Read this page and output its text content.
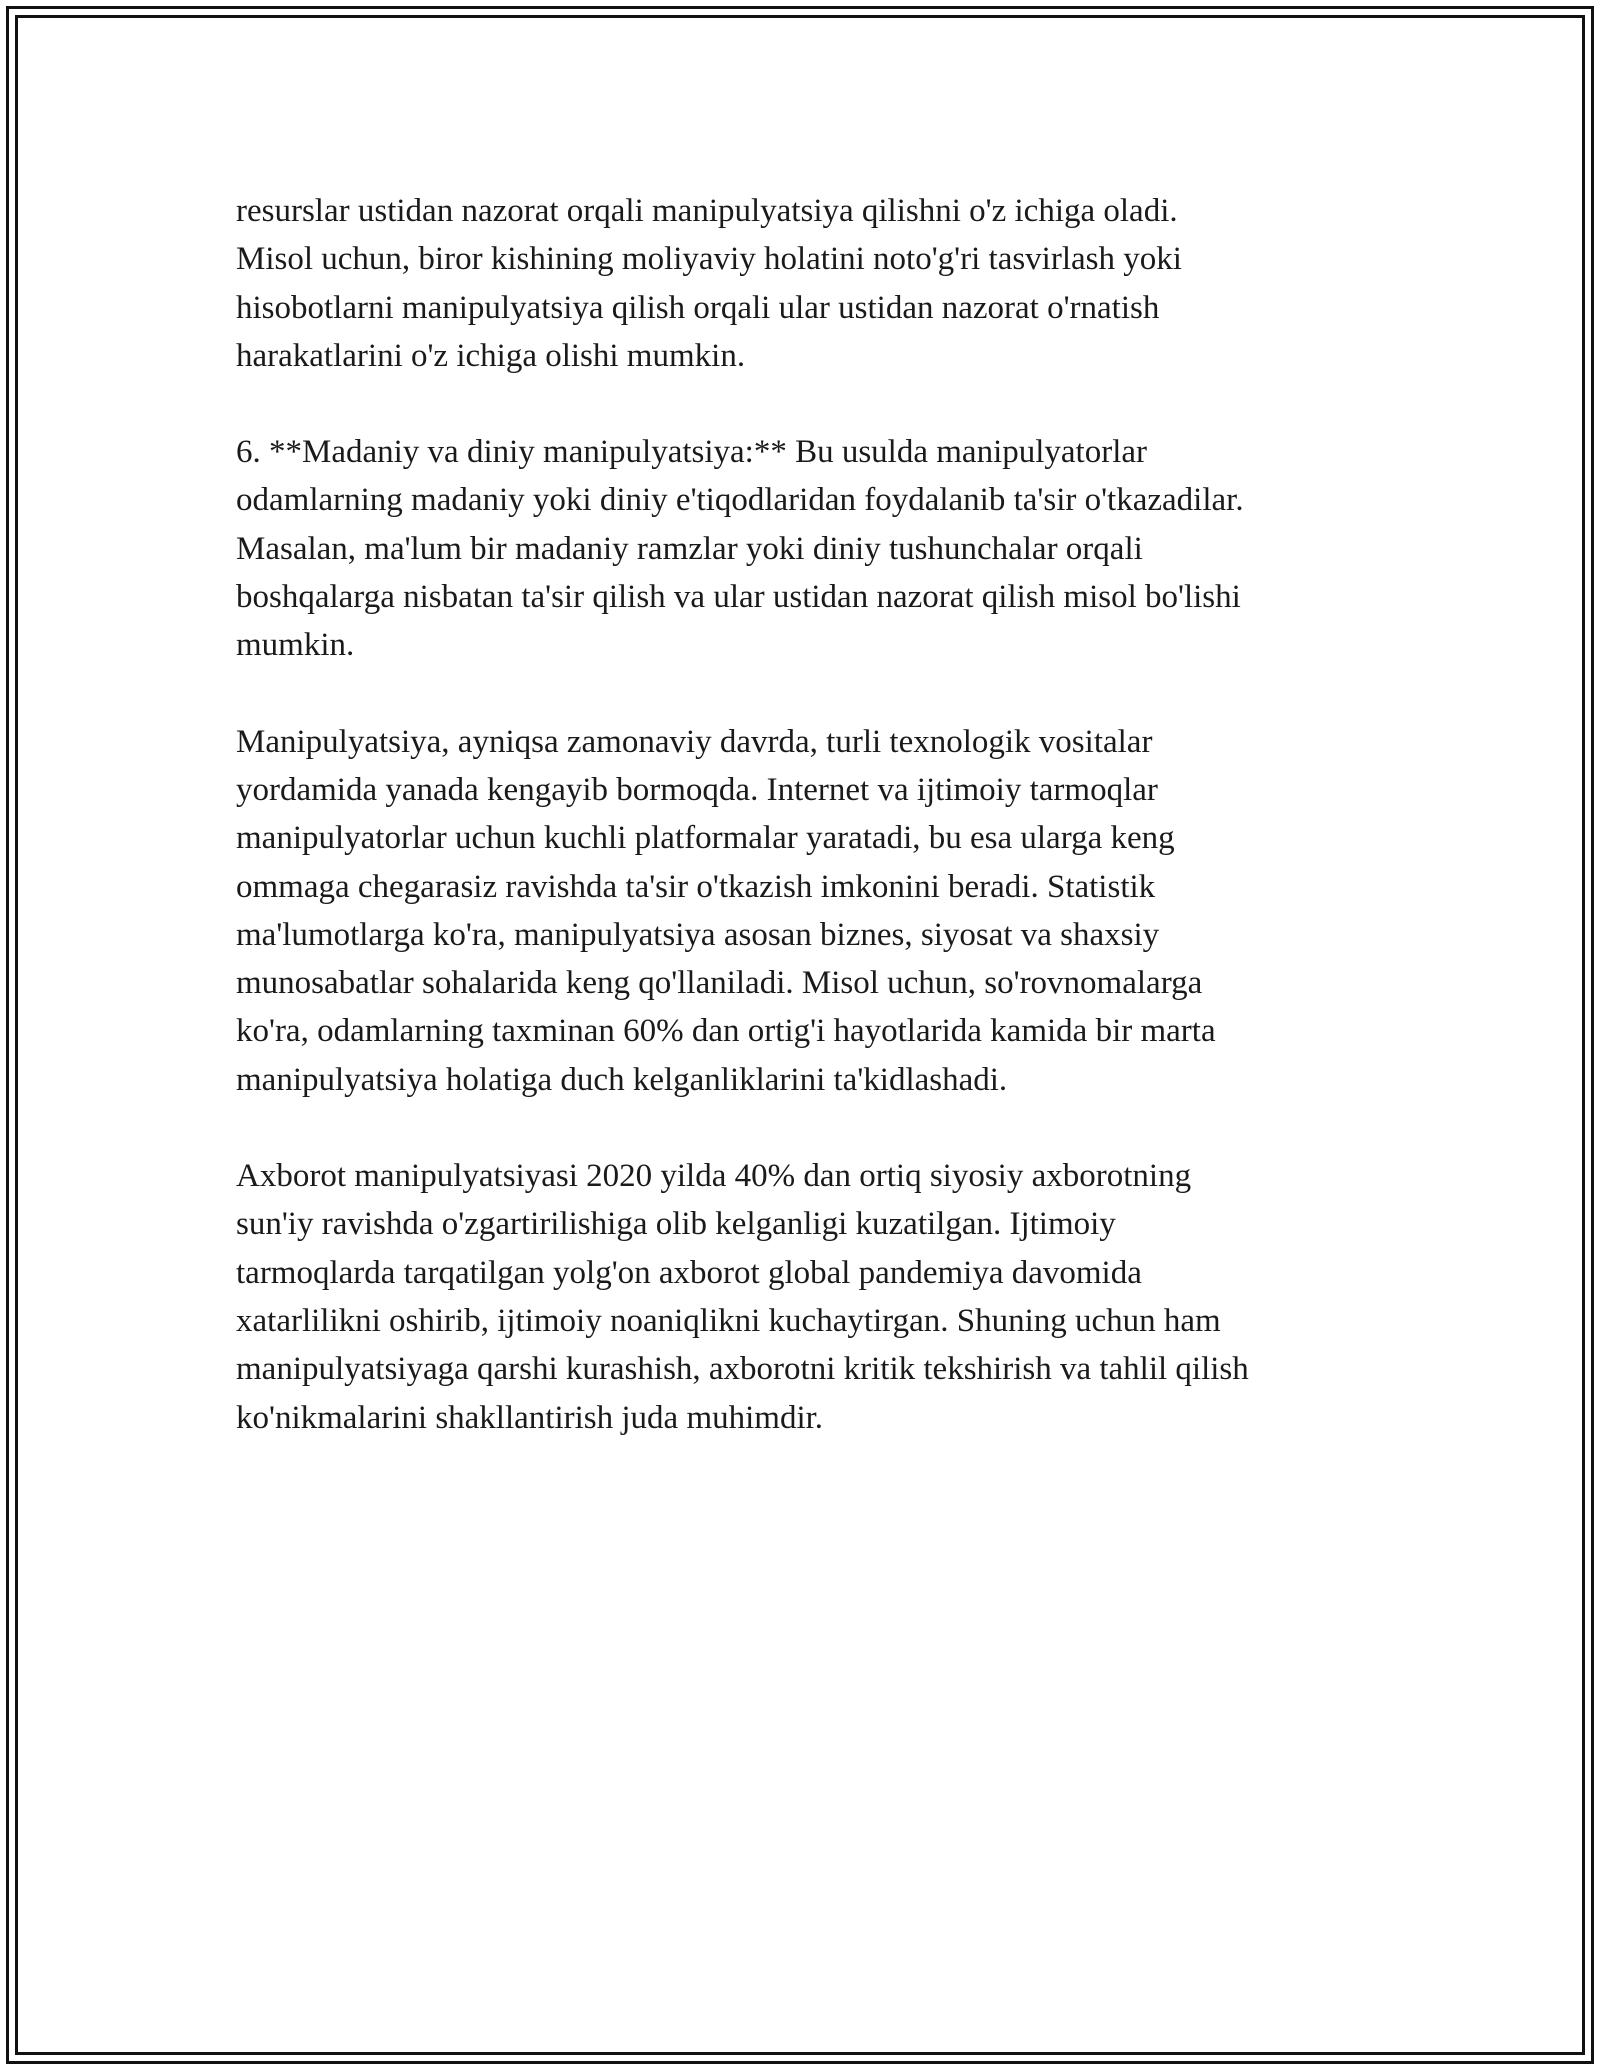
resurslar ustidan nazorat orqali manipulyatsiya qilishni o'z ichiga oladi.
Misol uchun, biror kishining moliyaviy holatini noto'g'ri tasvirlash yoki
hisobotlarni manipulyatsiya qilish orqali ular ustidan nazorat o'rnatish
harakatlarini o'z ichiga olishi mumkin.

6. **Madaniy va diniy manipulyatsiya:** Bu usulda manipulyatorlar
odamlarning madaniy yoki diniy e'tiqodlaridan foydalanib ta'sir o'tkazadilar.
Masalan, ma'lum bir madaniy ramzlar yoki diniy tushunchalar orqali
boshqalarga nisbatan ta'sir qilish va ular ustidan nazorat qilish misol bo'lishi
mumkin.

Manipulyatsiya, ayniqsa zamonaviy davrda, turli texnologik vositalar
yordamida yanada kengayib bormoqda. Internet va ijtimoiy tarmoqlar
manipulyatorlar uchun kuchli platformalar yaratadi, bu esa ularga keng
ommaga chegarasiz ravishda ta'sir o'tkazish imkonini beradi. Statistik
ma'lumotlarga ko'ra, manipulyatsiya asosan biznes, siyosat va shaxsiy
munosabatlar sohalarida keng qo'llaniladi. Misol uchun, so'rovnomalarga
ko'ra, odamlarning taxminan 60% dan ortig'i hayotlarida kamida bir marta
manipulyatsiya holatiga duch kelganliklarini ta'kidlashadi.

Axborot manipulyatsiyasi 2020 yilda 40% dan ortiq siyosiy axborotning
sun'iy ravishda o'zgartirilishiga olib kelganligi kuzatilgan. Ijtimoiy
tarmoqlarda tarqatilgan yolg'on axborot global pandemiya davomida
xatarlilikni oshirib, ijtimoiy noaniqlikni kuchaytirgan. Shuning uchun ham
manipulyatsiyaga qarshi kurashish, axborotni kritik tekshirish va tahlil qilish
ko'nikmalarini shakllantirish juda muhimdir.
